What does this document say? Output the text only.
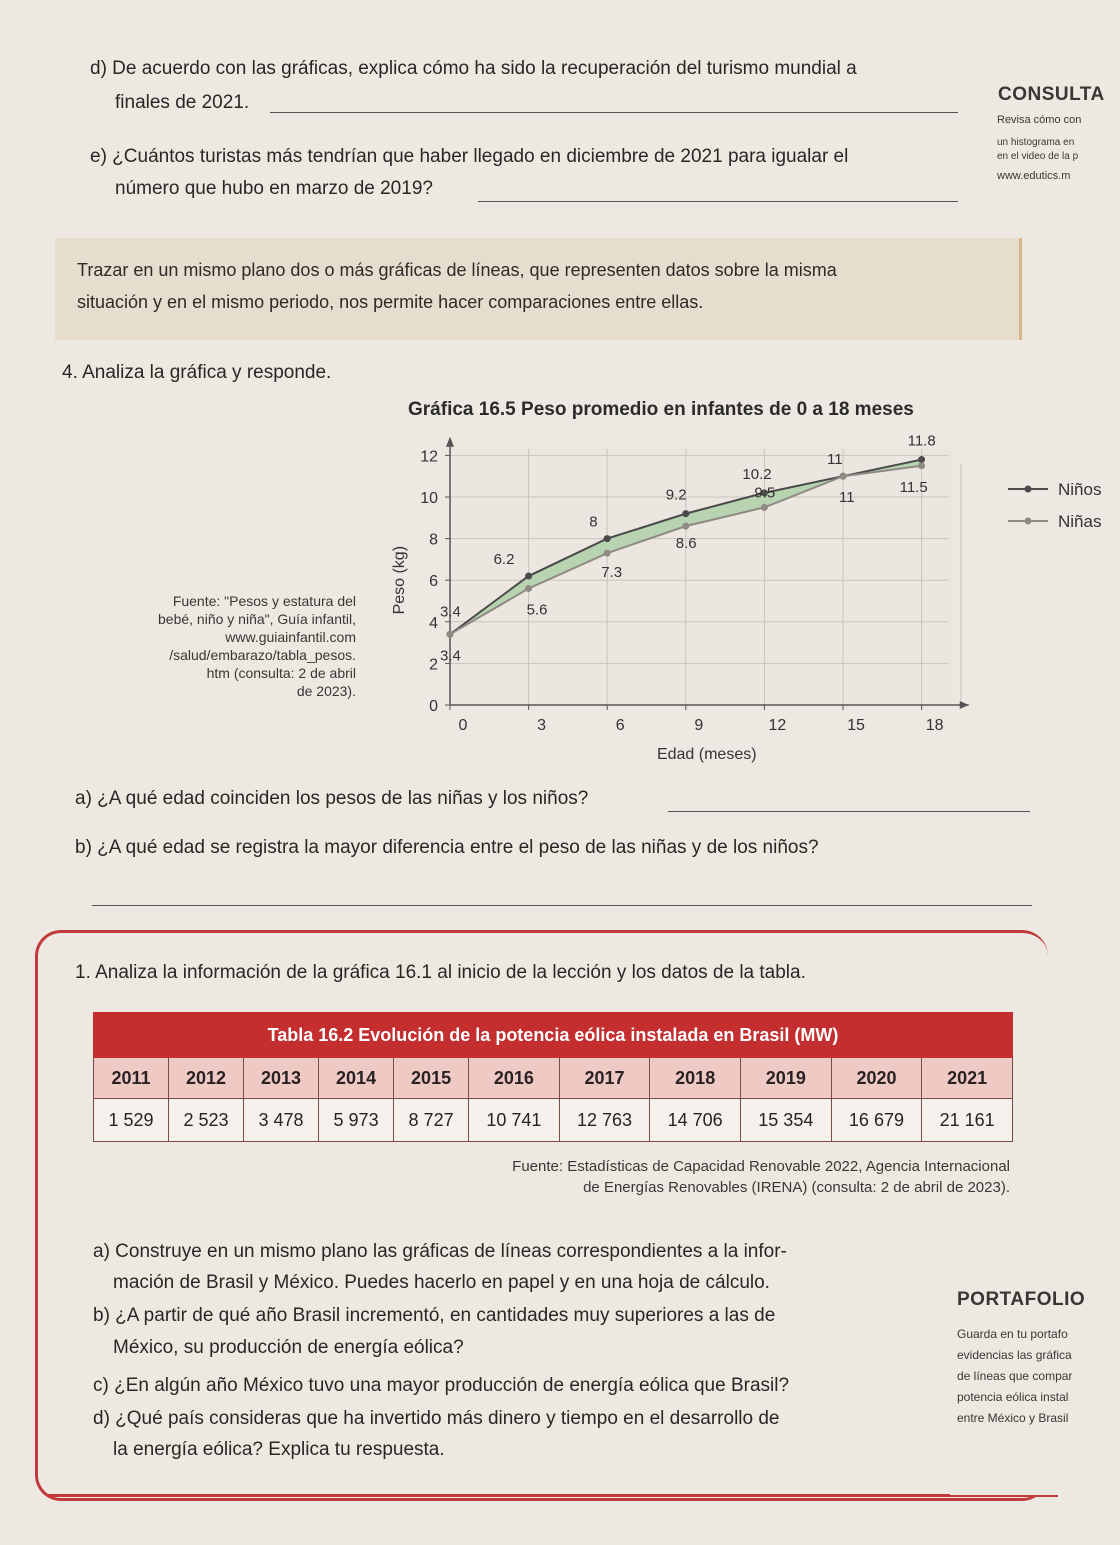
d) De acuerdo con las gráficas, explica cómo ha sido la recuperación del turismo mundial a
finales de 2021.
e) ¿Cuántos turistas más tendrían que haber llegado en diciembre de 2021 para igualar el
número que hubo en marzo de 2019?
CONSULTA
Revisa cómo con
un histograma en
en el video de la p
www.edutics.m
Trazar en un mismo plano dos o más gráficas de líneas, que representen datos sobre la misma
situación y en el mismo periodo, nos permite hacer comparaciones entre ellas.
4. Analiza la gráfica y responde.
Fuente: "Pesos y estatura del
bebé, niño y niña", Guía infantil,
www.guiainfantil.com
/salud/embarazo/tabla_pesos.
htm (consulta: 2 de abril
de 2023).
Gráfica 16.5 Peso promedio en infantes de 0 a 18 meses
0
2
4
6
8
10
12
0	3	6	9	12	15	18
Edad (meses)
Peso (kg) 3.4
6.2
8
9.2
10.2
11
11.8
3.4
5.6
7.3
8.6
9.5	11
11.5	Niños
Niñas
a) ¿A qué edad coinciden los pesos de las niñas y los niños?
b) ¿A qué edad se registra la mayor diferencia entre el peso de las niñas y de los niños?
1. Analiza la información de la gráfica 16.1 al inicio de la lección y los datos de la tabla.
Tabla 16.2 Evolución de la potencia eólica instalada en Brasil (MW)										
2011	2012	2013	2014	2015	2016	2017	2018	2019	2020	2021
1 529	2 523	3 478	5 973	8 727	10 741	12 763	14 706	15 354	16 679	21 161
Fuente: Estadísticas de Capacidad Renovable 2022, Agencia Internacional
de Energías Renovables (IRENA) (consulta: 2 de abril de 2023).
a) Construye en un mismo plano las gráficas de líneas correspondientes a la infor-
mación de Brasil y México. Puedes hacerlo en papel y en una hoja de cálculo.
b) ¿A partir de qué año Brasil incrementó, en cantidades muy superiores a las de
México, su producción de energía eólica?
c) ¿En algún año México tuvo una mayor producción de energía eólica que Brasil?
d) ¿Qué país consideras que ha invertido más dinero y tiempo en el desarrollo de
la energía eólica? Explica tu respuesta.
PORTAFOLIO
Guarda en tu portafo
evidencias las gráfica
de líneas que compar
potencia eólica instal
entre México y Brasil
